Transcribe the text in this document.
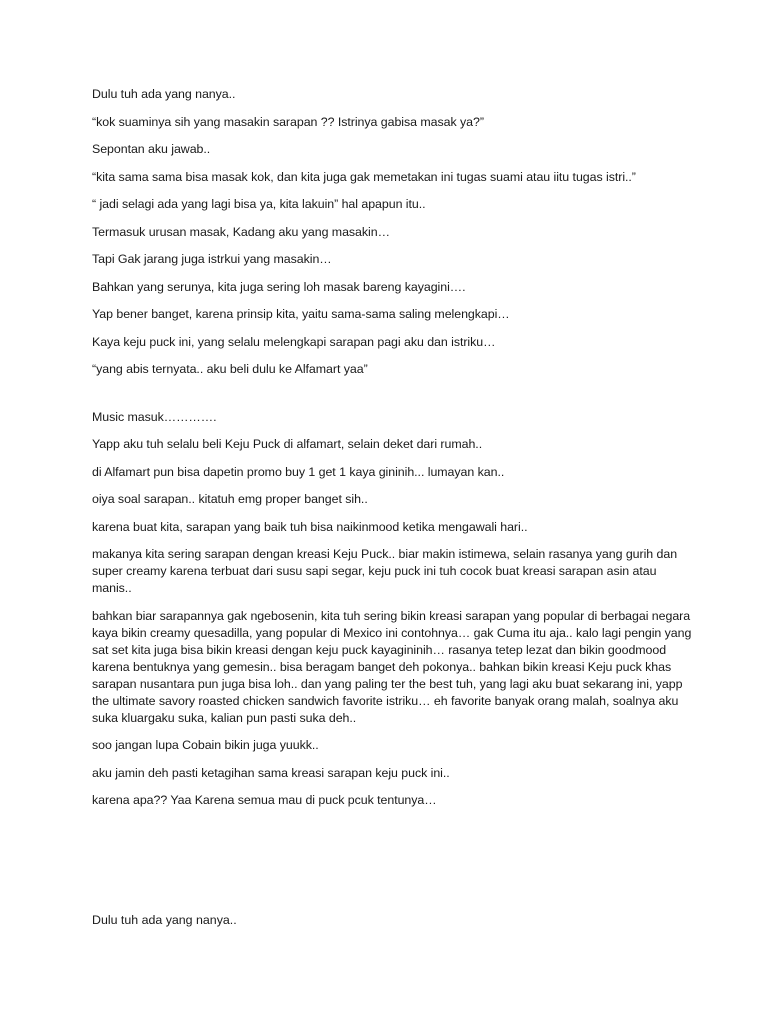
Dulu tuh ada yang nanya..

“kok suaminya sih yang masakin sarapan ?? Istrinya gabisa masak ya?”

Sepontan aku jawab..

“kita sama sama bisa masak kok, dan kita juga gak memetakan ini tugas suami atau iitu tugas istri..”

“ jadi selagi ada yang lagi bisa ya, kita lakuin” hal apapun itu..

Termasuk urusan masak, Kadang aku yang masakin…

Tapi Gak jarang juga istrkui yang masakin…

Bahkan yang serunya, kita juga sering loh masak bareng kayagini….

Yap bener banget, karena prinsip kita, yaitu sama-sama saling melengkapi…

Kaya keju puck ini, yang selalu melengkapi sarapan pagi aku dan istriku…

“yang abis ternyata.. aku beli dulu ke Alfamart yaa”

Music masuk………….

Yapp aku tuh selalu beli Keju Puck di alfamart, selain deket dari rumah..

di Alfamart pun bisa dapetin promo buy 1 get 1 kaya gininih... lumayan kan..

oiya soal sarapan.. kitatuh emg proper banget sih..

karena buat kita, sarapan yang baik tuh bisa naikinmood ketika mengawali hari..

makanya kita sering sarapan dengan kreasi Keju Puck.. biar makin istimewa, selain rasanya yang gurih dan super creamy karena terbuat dari susu sapi segar, keju puck ini tuh cocok buat kreasi sarapan asin atau manis..

bahkan biar sarapannya gak ngebosenin, kita tuh sering bikin kreasi sarapan yang popular di berbagai negara kaya bikin creamy quesadilla, yang popular di Mexico ini contohnya… gak Cuma itu aja.. kalo lagi pengin yang sat set kita juga bisa bikin kreasi dengan keju puck kayagininih… rasanya tetep lezat dan bikin goodmood karena bentuknya yang gemesin.. bisa beragam banget deh pokonya.. bahkan bikin kreasi Keju puck khas sarapan nusantara pun juga bisa loh.. dan yang paling ter the best tuh, yang lagi aku buat sekarang ini, yapp the ultimate savory roasted chicken sandwich favorite istriku… eh favorite banyak orang malah, soalnya aku suka kluargaku suka, kalian pun pasti suka deh..

soo jangan lupa Cobain bikin juga yuukk..

aku jamin deh pasti ketagihan sama kreasi sarapan keju puck ini..

karena apa?? Yaa Karena semua mau di puck pcuk tentunya…

Dulu tuh ada yang nanya..
